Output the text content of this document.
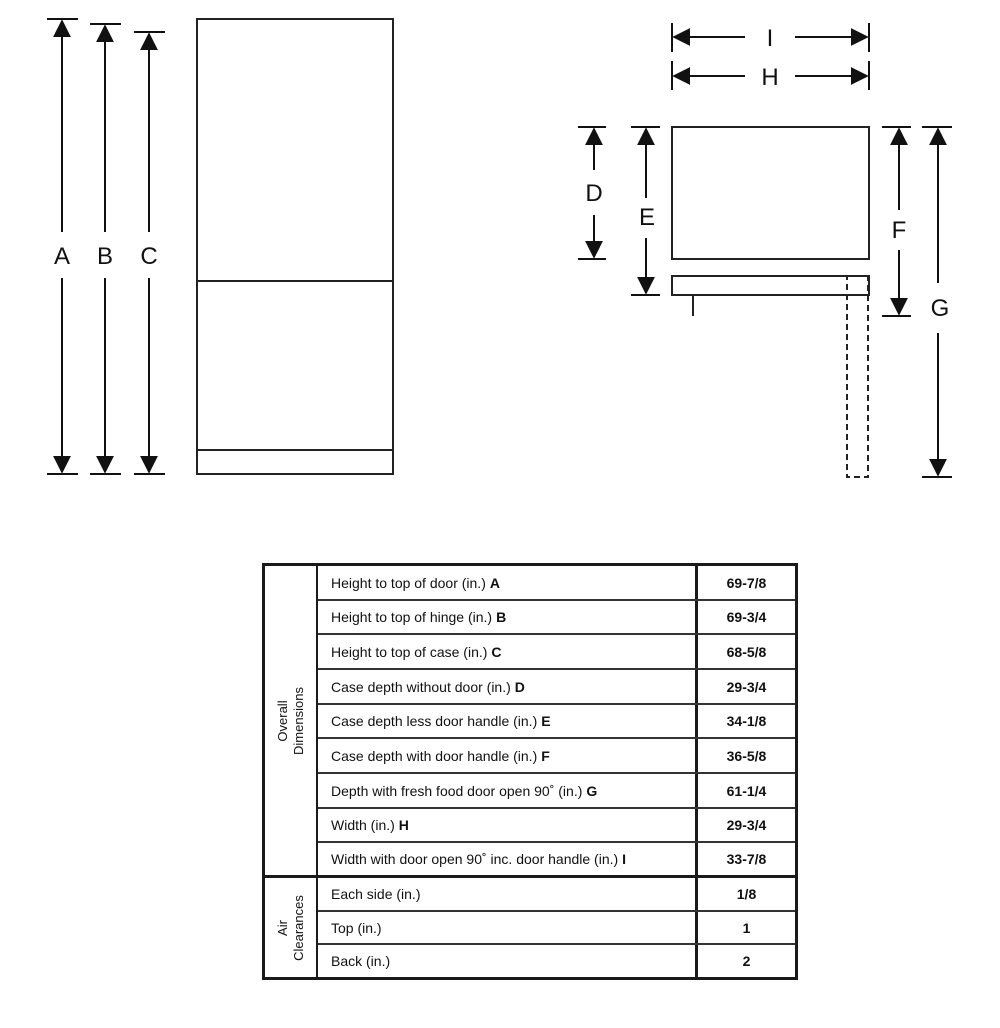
A B C
I
H
D
E	F
G
Overall
Dimensions
Height to top of door (in.) A	69-7/8
Height to top of hinge (in.) B	69-3/4
Height to top of case (in.) C	68-5/8
Case depth without door (in.) D	29-3/4
Case depth less door handle (in.) E	34-1/8
Case depth with door handle (in.) F	36-5/8
Depth with fresh food door open 90˚ (in.) G	61-1/4
Width (in.) H	29-3/4
Width with door open 90˚ inc. door handle (in.) I	33-7/8
Air
Clearances
Each side (in.)	1/8
Top (in.)	1
Back (in.)	2
